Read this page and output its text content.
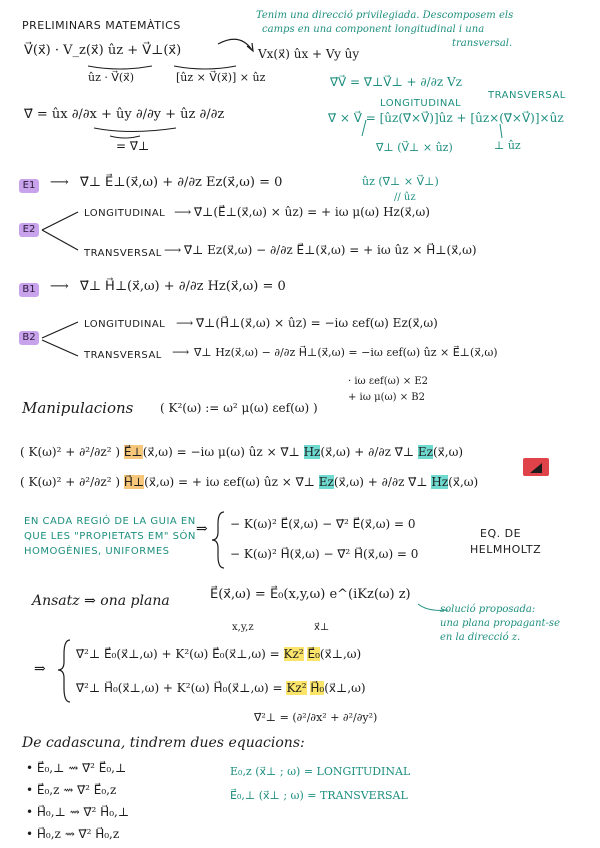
PRELIMINARS MATEMÀTICS
Tenim una direcció privilegiada. Descomposem els
camps en una component longitudinal i una
transversal.
V⃗(x⃗) · V_z(x⃗) ûz + V⃗⊥(x⃗)	Vx(x⃗) ûx + Vy ûy
ûz · V⃗(x⃗)	[ûz × V⃗(x⃗)] × ûz
∇⃗ = ûx ∂/∂x + ûy ∂/∂y + ûz ∂/∂z
= ∇⃗⊥
∇⃗V⃗ = ∇⃗⊥V⃗⊥ + ∂/∂z Vz
LONGITUDINAL
TRANSVERSAL
∇⃗ × V⃗ = [ûz(∇⃗×V⃗)]ûz + [ûz×(∇⃗×V⃗)]×ûz
∇⃗⊥ (V⃗⊥ × ûz)	⊥ ûz
ûz (∇⃗⊥ × V⃗⊥)
// ûz
E1 ⟶ ∇⃗⊥ E⃗⊥(x⃗,ω) + ∂/∂z Ez(x⃗,ω) = 0
E2
LONGITUDINAL ⟶ ∇⃗⊥(E⃗⊥(x⃗,ω) × ûz) = + iω μ(ω) Hz(x⃗,ω)
TRANSVERSAL ⟶ ∇⃗⊥ Ez(x⃗,ω) − ∂/∂z E⃗⊥(x⃗,ω) = + iω ûz × H⃗⊥(x⃗,ω)
B1 ⟶ ∇⃗⊥ H⃗⊥(x⃗,ω) + ∂/∂z Hz(x⃗,ω) = 0
B2
LONGITUDINAL ⟶ ∇⃗⊥(H⃗⊥(x⃗,ω) × ûz) = −iω εef(ω) Ez(x⃗,ω)
TRANSVERSAL ⟶ ∇⃗⊥ Hz(x⃗,ω) − ∂/∂z H⃗⊥(x⃗,ω) = −iω εef(ω) ûz × E⃗⊥(x⃗,ω)
· iω εef(ω) × E2
+ iω μ(ω) × B2
Manipulacions ( K²(ω) := ω² μ(ω) εef(ω) )
( K(ω)² + ∂²/∂z² ) E⃗⊥(x⃗,ω) = −iω μ(ω) ûz × ∇⃗⊥ Hz(x⃗,ω) + ∂/∂z ∇⃗⊥ Ez(x⃗,ω)
( K(ω)² + ∂²/∂z² ) H⃗⊥(x⃗,ω) = + iω εef(ω) ûz × ∇⃗⊥ Ez(x⃗,ω) + ∂/∂z ∇⃗⊥ Hz(x⃗,ω)
EN CADA REGIÓ DE LA GUIA EN
QUE LES "PROPIETATS EM" SÓN
HOMOGÈNIES, UNIFORMES
⇒ − K(ω)² E⃗(x⃗,ω) − ∇⃗² E⃗(x⃗,ω) = 0
− K(ω)² H⃗(x⃗,ω) − ∇⃗² H⃗(x⃗,ω) = 0
EQ. DE
HELMHOLTZ
Ansatz ⇒ ona plana	E⃗(x⃗,ω) = E⃗₀(x,y,ω) e^(iKz(ω) z)
x,y,z	x⃗⊥
solució proposada:
una plana propagant-se
en la direcció z.
⇒
∇⃗²⊥ E⃗₀(x⃗⊥,ω) + K²(ω) E⃗₀(x⃗⊥,ω) = Kz² E⃗₀(x⃗⊥,ω)
∇⃗²⊥ H⃗₀(x⃗⊥,ω) + K²(ω) H⃗₀(x⃗⊥,ω) = Kz² H⃗₀(x⃗⊥,ω)
∇⃗²⊥ = (∂²/∂x² + ∂²/∂y²)
De cadascuna, tindrem dues equacions:
• E⃗₀,⊥ ⇝ ∇⃗² E⃗₀,⊥
• E⃗₀,z ⇝ ∇⃗² E⃗₀,z
• H⃗₀,⊥ ⇝ ∇⃗² H⃗₀,⊥
• H⃗₀,z ⇝ ∇⃗² H⃗₀,z
E₀,z (x⃗⊥ ; ω) = LONGITUDINAL
E⃗₀,⊥ (x⃗⊥ ; ω) = TRANSVERSAL
